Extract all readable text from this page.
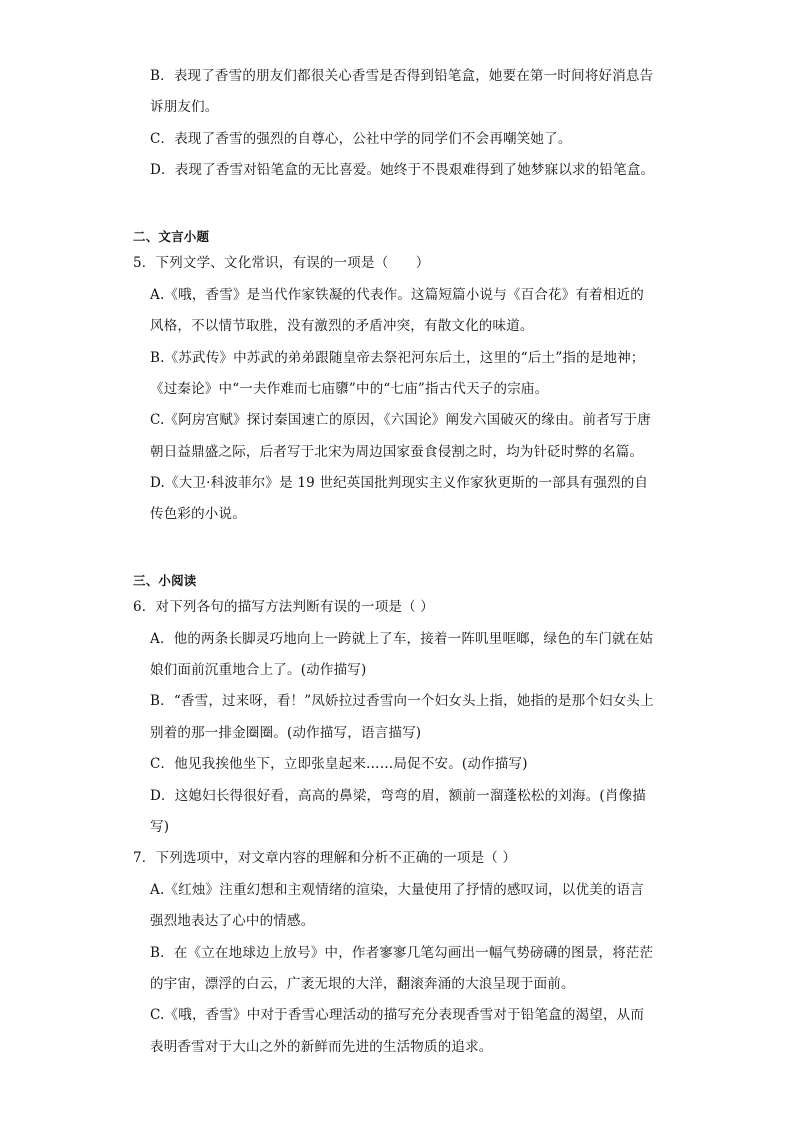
B．表现了香雪的朋友们都很关心香雪是否得到铅笔盒，她要在第一时间将好消息告
诉朋友们。
C．表现了香雪的强烈的自尊心，公社中学的同学们不会再嘲笑她了。
D．表现了香雪对铅笔盒的无比喜爱。她终于不畏艰难得到了她梦寐以求的铅笔盒。
二、文言小题
5．下列文学、文化常识，有误的一项是（　　）
A.《哦，香雪》是当代作家铁凝的代表作。这篇短篇小说与《百合花》有着相近的
风格，不以情节取胜，没有激烈的矛盾冲突，有散文化的味道。
B.《苏武传》中苏武的弟弟跟随皇帝去祭祀河东后土，这里的“后土”指的是地神；
《过秦论》中“一夫作难而七庙隳”中的“七庙”指古代天子的宗庙。
C.《阿房宫赋》探讨秦国速亡的原因，《六国论》阐发六国破灭的缘由。前者写于唐
朝日益鼎盛之际，后者写于北宋为周边国家蚕食侵割之时，均为针砭时弊的名篇。
D.《大卫·科波菲尔》是 19 世纪英国批判现实主义作家狄更斯的一部具有强烈的自
传色彩的小说。
三、小阅读
6．对下列各句的描写方法判断有误的一项是（ ）
A．他的两条长脚灵巧地向上一跨就上了车，接着一阵叽里哐啷，绿色的车门就在姑
娘们面前沉重地合上了。(动作描写)
B．“香雪，过来呀，看！”凤娇拉过香雪向一个妇女头上指，她指的是那个妇女头上
别着的那一排金圈圈。(动作描写，语言描写)
C．他见我挨他坐下，立即张皇起来……局促不安。(动作描写)
D．这媳妇长得很好看，高高的鼻梁，弯弯的眉，额前一溜蓬松松的刘海。(肖像描
写)
7．下列选项中，对文章内容的理解和分析不正确的一项是（ ）
A.《红烛》注重幻想和主观情绪的渲染，大量使用了抒情的感叹词，以优美的语言
强烈地表达了心中的情感。
B．在《立在地球边上放号》中，作者寥寥几笔勾画出一幅气势磅礴的图景，将茫茫
的宇宙，漂浮的白云，广袤无垠的大洋，翻滚奔涌的大浪呈现于面前。
C.《哦，香雪》中对于香雪心理活动的描写充分表现香雪对于铅笔盒的渴望，从而
表明香雪对于大山之外的新鲜而先进的生活物质的追求。
